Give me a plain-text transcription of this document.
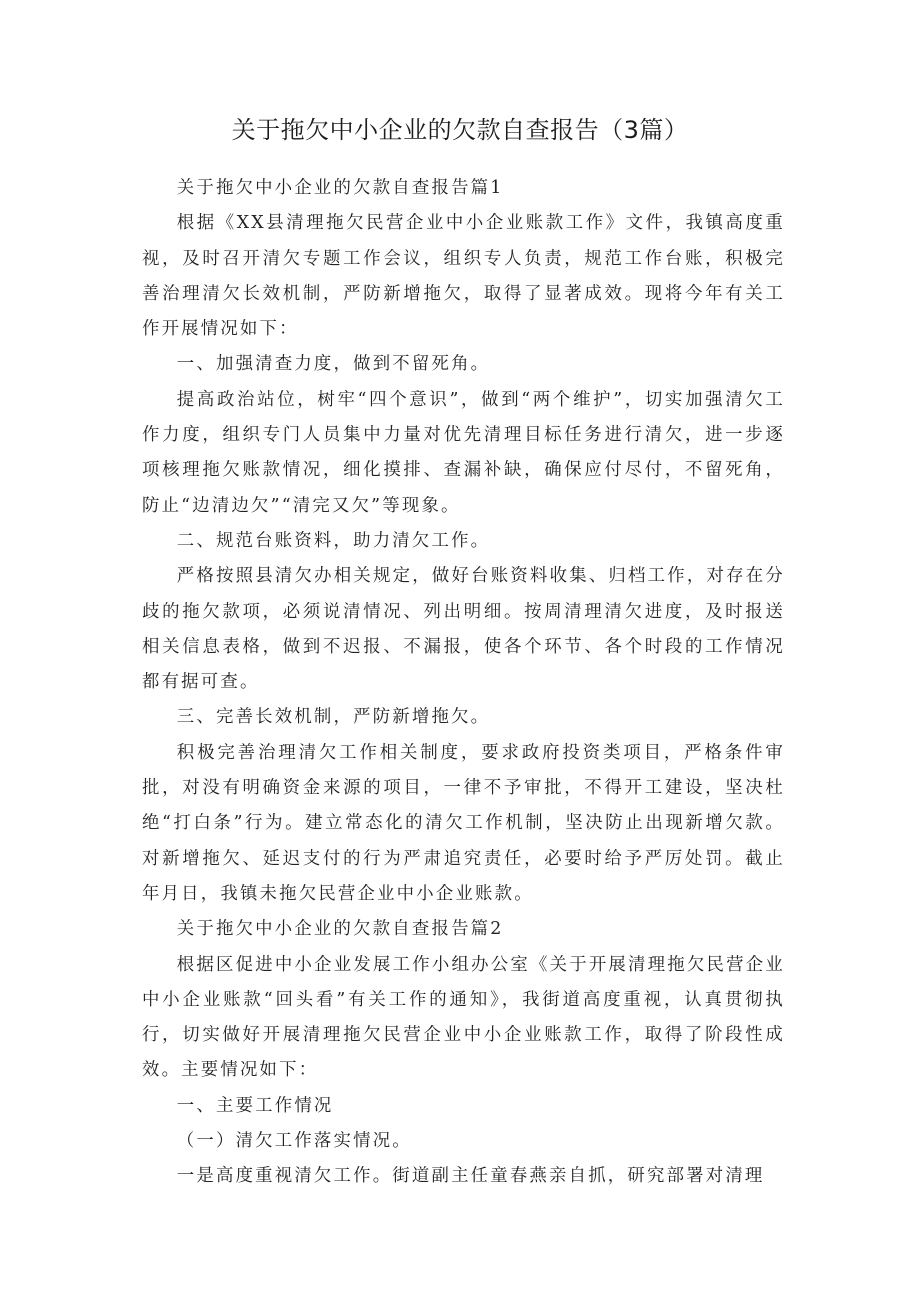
关于拖欠中小企业的欠款自查报告（3篇）

关于拖欠中小企业的欠款自查报告篇1

根据《XX县清理拖欠民营企业中小企业账款工作》文件，我镇高度重视，及时召开清欠专题工作会议，组织专人负责，规范工作台账，积极完善治理清欠长效机制，严防新增拖欠，取得了显著成效。现将今年有关工作开展情况如下：

一、加强清查力度，做到不留死角。

提高政治站位，树牢“四个意识”，做到“两个维护”，切实加强清欠工作力度，组织专门人员集中力量对优先清理目标任务进行清欠，进一步逐项核理拖欠账款情况，细化摸排、查漏补缺，确保应付尽付，不留死角，防止“边清边欠”“清完又欠”等现象。

二、规范台账资料，助力清欠工作。

严格按照县清欠办相关规定，做好台账资料收集、归档工作，对存在分歧的拖欠款项，必须说清情况、列出明细。按周清理清欠进度，及时报送相关信息表格，做到不迟报、不漏报，使各个环节、各个时段的工作情况都有据可查。

三、完善长效机制，严防新增拖欠。

积极完善治理清欠工作相关制度，要求政府投资类项目，严格条件审批，对没有明确资金来源的项目，一律不予审批，不得开工建设，坚决杜绝“打白条”行为。建立常态化的清欠工作机制，坚决防止出现新增欠款。对新增拖欠、延迟支付的行为严肃追究责任，必要时给予严厉处罚。截止年月日，我镇未拖欠民营企业中小企业账款。

关于拖欠中小企业的欠款自查报告篇2

根据区促进中小企业发展工作小组办公室《关于开展清理拖欠民营企业中小企业账款“回头看”有关工作的通知》，我街道高度重视，认真贯彻执行，切实做好开展清理拖欠民营企业中小企业账款工作，取得了阶段性成效。主要情况如下：

一、主要工作情况

（一）清欠工作落实情况。

一是高度重视清欠工作。街道副主任童春燕亲自抓，研究部署对清理
